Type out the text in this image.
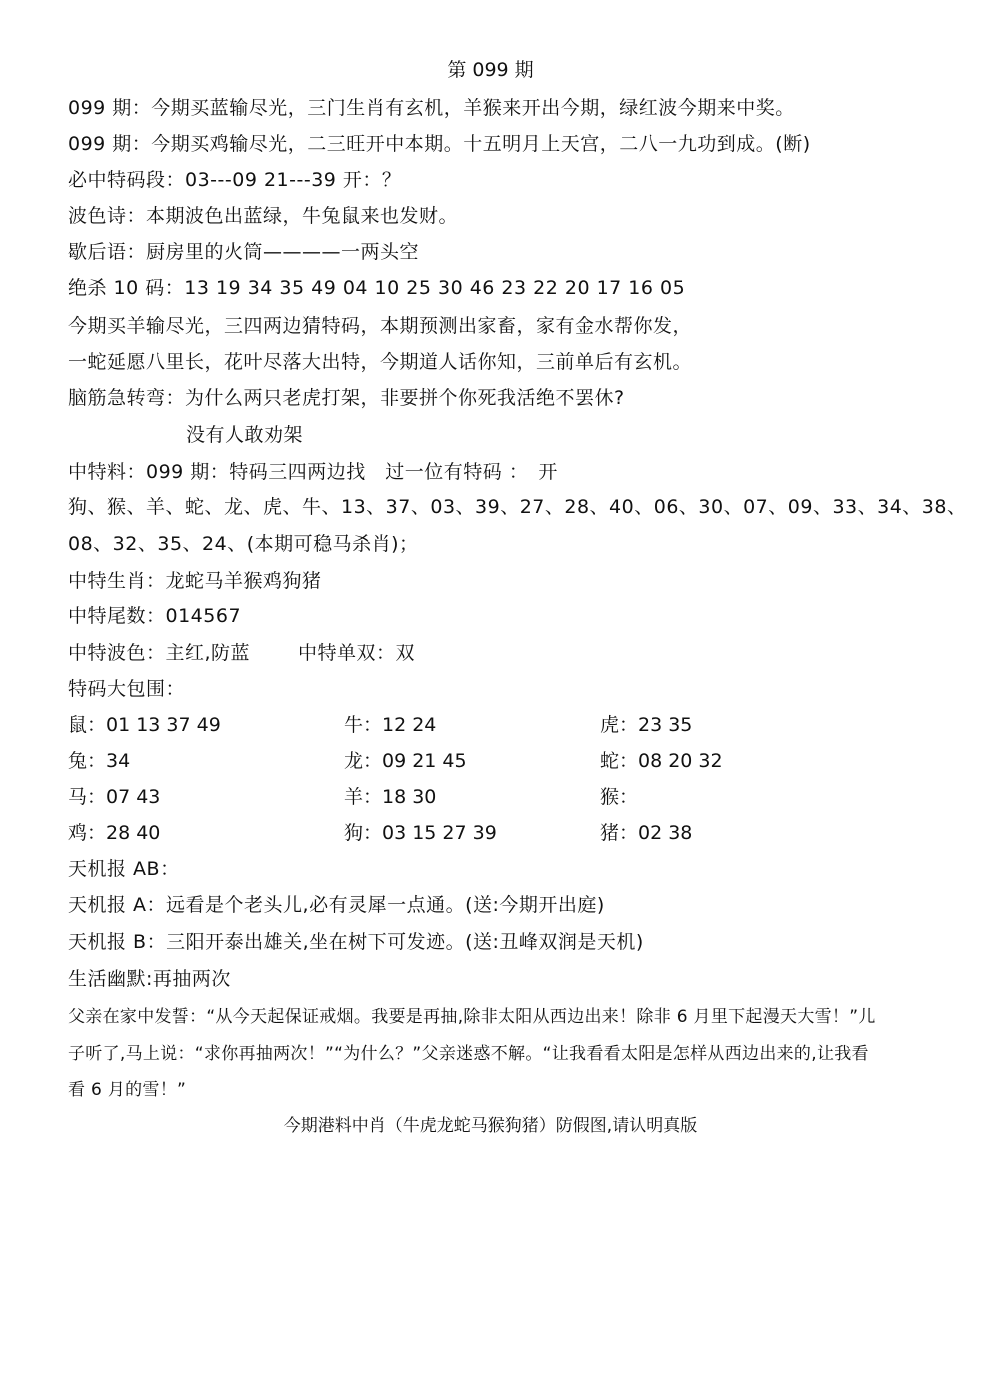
第 099 期
099 期：今期买蓝输尽光，三门生肖有玄机，羊猴来开出今期，绿红波今期来中奖。
099 期：今期买鸡输尽光，二三旺开中本期。十五明月上天宫，二八一九功到成。(断)
必中特码段：03---09 21---39 开：？
波色诗：本期波色出蓝绿，牛兔鼠来也发财。
歇后语：厨房里的火筒————一两头空
绝杀 10 码：13 19 34 35 49 04 10 25 30 46 23 22 20 17 16 05
今期买羊输尽光，三四两边猜特码，本期预测出家畜，家有金水帮你发，
一蛇延愿八里长，花叶尽落大出特，今期道人话你知，三前单后有玄机。
脑筋急转弯：为什么两只老虎打架，非要拼个你死我活绝不罢休?
没有人敢劝架
中特料：099 期：特码三四两边找　过一位有特码 ：　开
狗、猴、羊、蛇、龙、虎、牛、13、37、03、39、27、28、40、06、30、07、09、33、34、38、
08、32、35、24、(本期可稳马杀肖)；
中特生肖：龙蛇马羊猴鸡狗猪
中特尾数：014567
中特波色：主红,防蓝	中特单双：双
特码大包围：
鼠：01 13 37 49	牛：12 24	虎：23 35
兔：34	龙：09 21 45	蛇：08 20 32
马：07 43	羊：18 30	猴：
鸡：28 40	狗：03 15 27 39	猪：02 38
天机报 AB：
天机报 A：远看是个老头儿,必有灵犀一点通。(送:今期开出庭)
天机报 B：三阳开泰出雄关,坐在树下可发迹。(送:丑峰双润是天机)
生活幽默:再抽两次
父亲在家中发誓：“从今天起保证戒烟。我要是再抽,除非太阳从西边出来！除非 6 月里下起漫天大雪！”儿
子听了,马上说：“求你再抽两次！”“为什么？”父亲迷惑不解。“让我看看太阳是怎样从西边出来的,让我看
看 6 月的雪！”
今期港料中肖（牛虎龙蛇马猴狗猪）防假图,请认明真版
